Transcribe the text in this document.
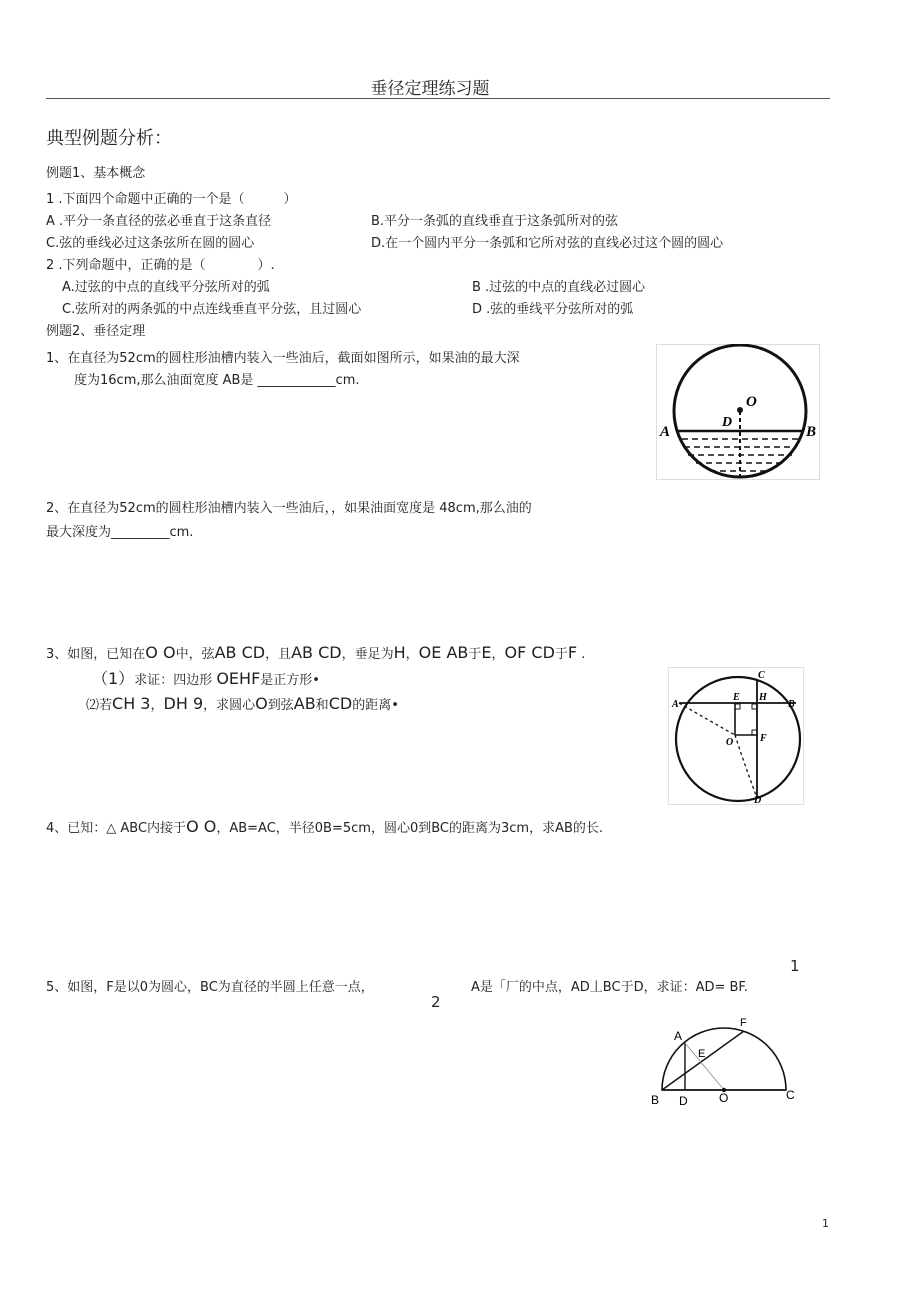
垂径定理练习题
典型例题分析：
例题1、基本概念
1 .下面四个命题中正确的一个是（　　　）
A .平分一条直径的弦必垂直于这条直径	B.平分一条弧的直线垂直于这条弧所对的弦
C.弦的垂线必过这条弦所在圆的圆心	D.在一个圆内平分一条弧和它所对弦的直线必过这个圆的圆心
2 .下列命题中，正确的是（　　　　）.
A.过弦的中点的直线平分弦所对的弧	B .过弦的中点的直线必过圆心
C.弦所对的两条弧的中点连线垂直平分弦，且过圆心	D .弦的垂线平分弦所对的弧
例题2、垂径定理
1、在直径为52cm的圆柱形油槽内装入一些油后，截面如图所示，如果油的最大深
度为16cm,那么油面宽度 AB是 ____________cm.
O
D
A	B
2、在直径为52cm的圆柱形油槽内装入一些油后，，如果油面宽度是 48cm,那么油的
最大深度为_________cm.
3、如图，已知在O O中，弦AB CD，且AB CD，垂足为H，OE AB于E，OF CD于F .
（1）求证：四边形 OEHF是正方形•
⑵若CH 3，DH 9，求圆心O到弦AB和CD的距离•	A	B
C
D
E H
O	F
4、已知：△ ABC内接于O O，AB=AC，半径0B=5cm，圆心0到BC的距离为3cm，求AB的长.
5、如图，F是以0为圆心，BC为直径的半圆上任意一点，	A是「厂的中点，AD丄BC于D，求证：AD= BF.
1
2
A
F
E
B D	O	C
1
